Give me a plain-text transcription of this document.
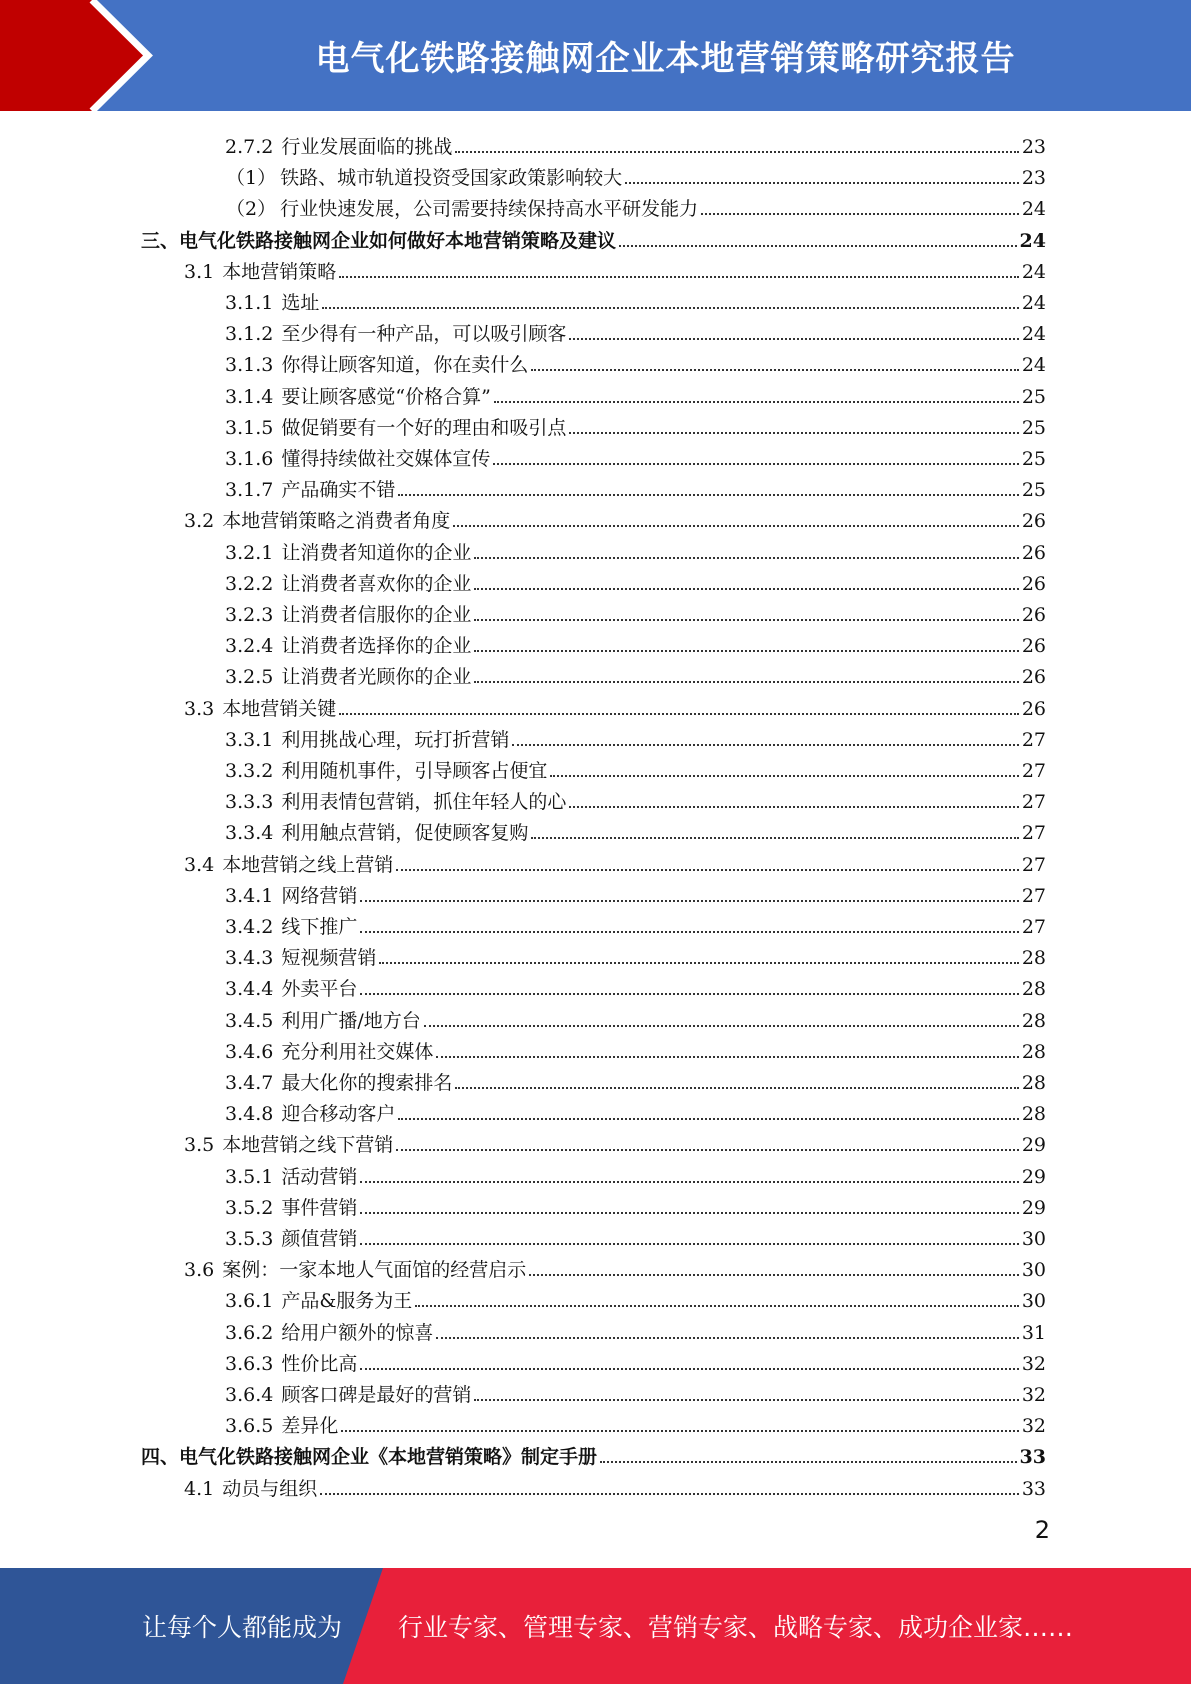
电气化铁路接触网企业本地营销策略研究报告
2.7.2 行业发展面临的挑战	23
（1） 铁路、城市轨道投资受国家政策影响较大	23
（2） 行业快速发展，公司需要持续保持高水平研发能力	24
三、电气化铁路接触网企业如何做好本地营销策略及建议	24
3.1 本地营销策略	24
3.1.1 选址	24
3.1.2 至少得有一种产品，可以吸引顾客	24
3.1.3 你得让顾客知道，你在卖什么	24
3.1.4 要让顾客感觉“价格合算”	25
3.1.5 做促销要有一个好的理由和吸引点	25
3.1.6 懂得持续做社交媒体宣传	25
3.1.7 产品确实不错	25
3.2 本地营销策略之消费者角度	26
3.2.1 让消费者知道你的企业	26
3.2.2 让消费者喜欢你的企业	26
3.2.3 让消费者信服你的企业	26
3.2.4 让消费者选择你的企业	26
3.2.5 让消费者光顾你的企业	26
3.3 本地营销关键	26
3.3.1 利用挑战心理，玩打折营销	27
3.3.2 利用随机事件，引导顾客占便宜	27
3.3.3 利用表情包营销，抓住年轻人的心	27
3.3.4 利用触点营销，促使顾客复购	27
3.4 本地营销之线上营销	27
3.4.1 网络营销	27
3.4.2 线下推广	27
3.4.3 短视频营销	28
3.4.4 外卖平台	28
3.4.5 利用广播/地方台	28
3.4.6 充分利用社交媒体	28
3.4.7 最大化你的搜索排名	28
3.4.8 迎合移动客户	28
3.5 本地营销之线下营销	29
3.5.1 活动营销	29
3.5.2 事件营销	29
3.5.3 颜值营销	30
3.6 案例：一家本地人气面馆的经营启示	30
3.6.1 产品&服务为王	30
3.6.2 给用户额外的惊喜	31
3.6.3 性价比高	32
3.6.4 顾客口碑是最好的营销	32
3.6.5 差异化	32
四、电气化铁路接触网企业《本地营销策略》制定手册	33
4.1 动员与组织	33
2
让每个人都能成为 行业专家、管理专家、营销专家、战略专家、成功企业家……
